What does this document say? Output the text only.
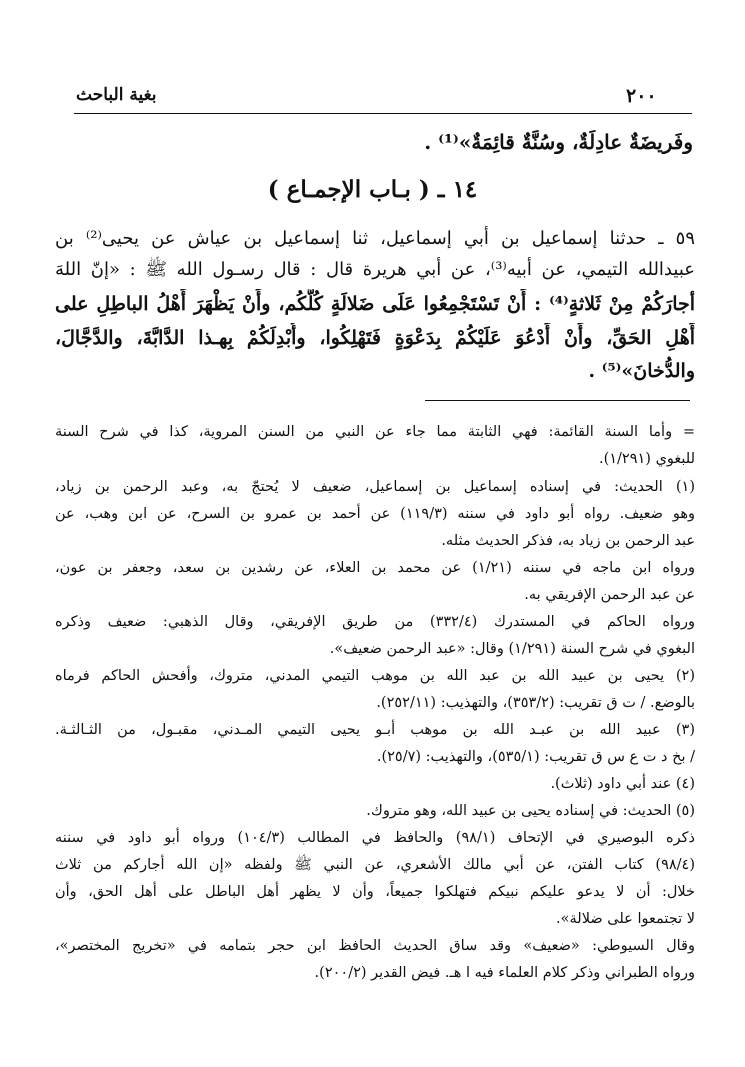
٢٠٠
بغية الباحث
وفَريضَةٌ عادِلَةٌ، وسُنَّةٌ قائِمَةٌ»⁽¹⁾ .
١٤ ـ ( بـاب الإجمـاع )
٥٩ ـ حدثنا إسماعيل بن أبي إسماعيل، ثنا إسماعيل بن عياش عن يحيى⁽²⁾ بن
عبيدالله التيمي، عن أبيه⁽³⁾، عن أبي هريرة قال : قال رسـول الله ﷺ : «إنّ اللهَ
أجارَكُمْ مِنْ ثَلاثةٍ⁽⁴⁾ : أَنْ تَسْتَجْمِعُوا عَلَى ضَلالَةٍ كُلُّكُم، وأَنْ يَظْهَرَ أَهْلُ الباطِلِ على
أَهْلِ الحَقِّ، وأَنْ أَدْعُوَ عَلَيْكُمْ بِدَعْوَةٍ فَتَهْلِكُوا، وأُبْدِلَكُمْ بِهـذا الدَّابَّةَ، والدَّجَّالَ،
والدُّخانَ»⁽⁵⁾ .
= وأما السنة القائمة: فهي الثابتة مما جاء عن النبي من السنن المروية، كذا في شرح السنة
للبغوي (١/٢٩١).
(١) الحديث: في إسناده إسماعيل بن إسماعيل، ضعيف لا يُحتجّ به، وعبد الرحمن بن زياد،
وهو ضعيف. رواه أبو داود في سننه (١١٩/٣) عن أحمد بن عمرو بن السرح، عن ابن وهب، عن
عبد الرحمن بن زياد به، فذكر الحديث مثله.
ورواه ابن ماجه في سننه (١/٢١) عن محمد بن العلاء، عن رشدين بن سعد، وجعفر بن عون،
عن عبد الرحمن الإفريقي به.
ورواه الحاكم في المستدرك (٣٣٢/٤) من طريق الإفريقي، وقال الذهبي: ضعيف وذكره
البغوي في شرح السنة (١/٢٩١) وقال: «عبد الرحمن ضعيف».
(٢) يحيى بن عبيد الله بن عبد الله بن موهب التيمي المدني، متروك، وأفحش الحاكم فرماه
بالوضع. / ت ق تقريب: (٣٥٣/٢)، والتهذيب: (٢٥٢/١١).
(٣) عبيد الله بن عبـد الله بن موهب أبـو يحيى التيمي المـدني، مقبـول، من الثـالثـة.
/ بخ د ت ع س ق تقريب: (٥٣٥/١)، والتهذيب: (٢٥/٧).
(٤) عند أبي داود (ثلاث).
(٥) الحديث: في إسناده يحيى بن عبيد الله، وهو متروك.
ذكره البوصيري في الإتحاف (٩٨/١) والحافظ في المطالب (١٠٤/٣) ورواه أبو داود في سننه
(٩٨/٤) كتاب الفتن، عن أبي مالك الأشعري، عن النبي ﷺ ولفظه «إن الله أجاركم من ثلاث
خلال: أن لا يدعو عليكم نبيكم فتهلكوا جميعاً، وأن لا يظهر أهل الباطل على أهل الحق، وأن
لا تجتمعوا على ضلالة».
وقال السيوطي: «ضعيف» وقد ساق الحديث الحافظ ابن حجر بتمامه في «تخريج المختصر»،
ورواه الطبراني وذكر كلام العلماء فيه ا هـ. فيض القدير (٢٠٠/٢).
